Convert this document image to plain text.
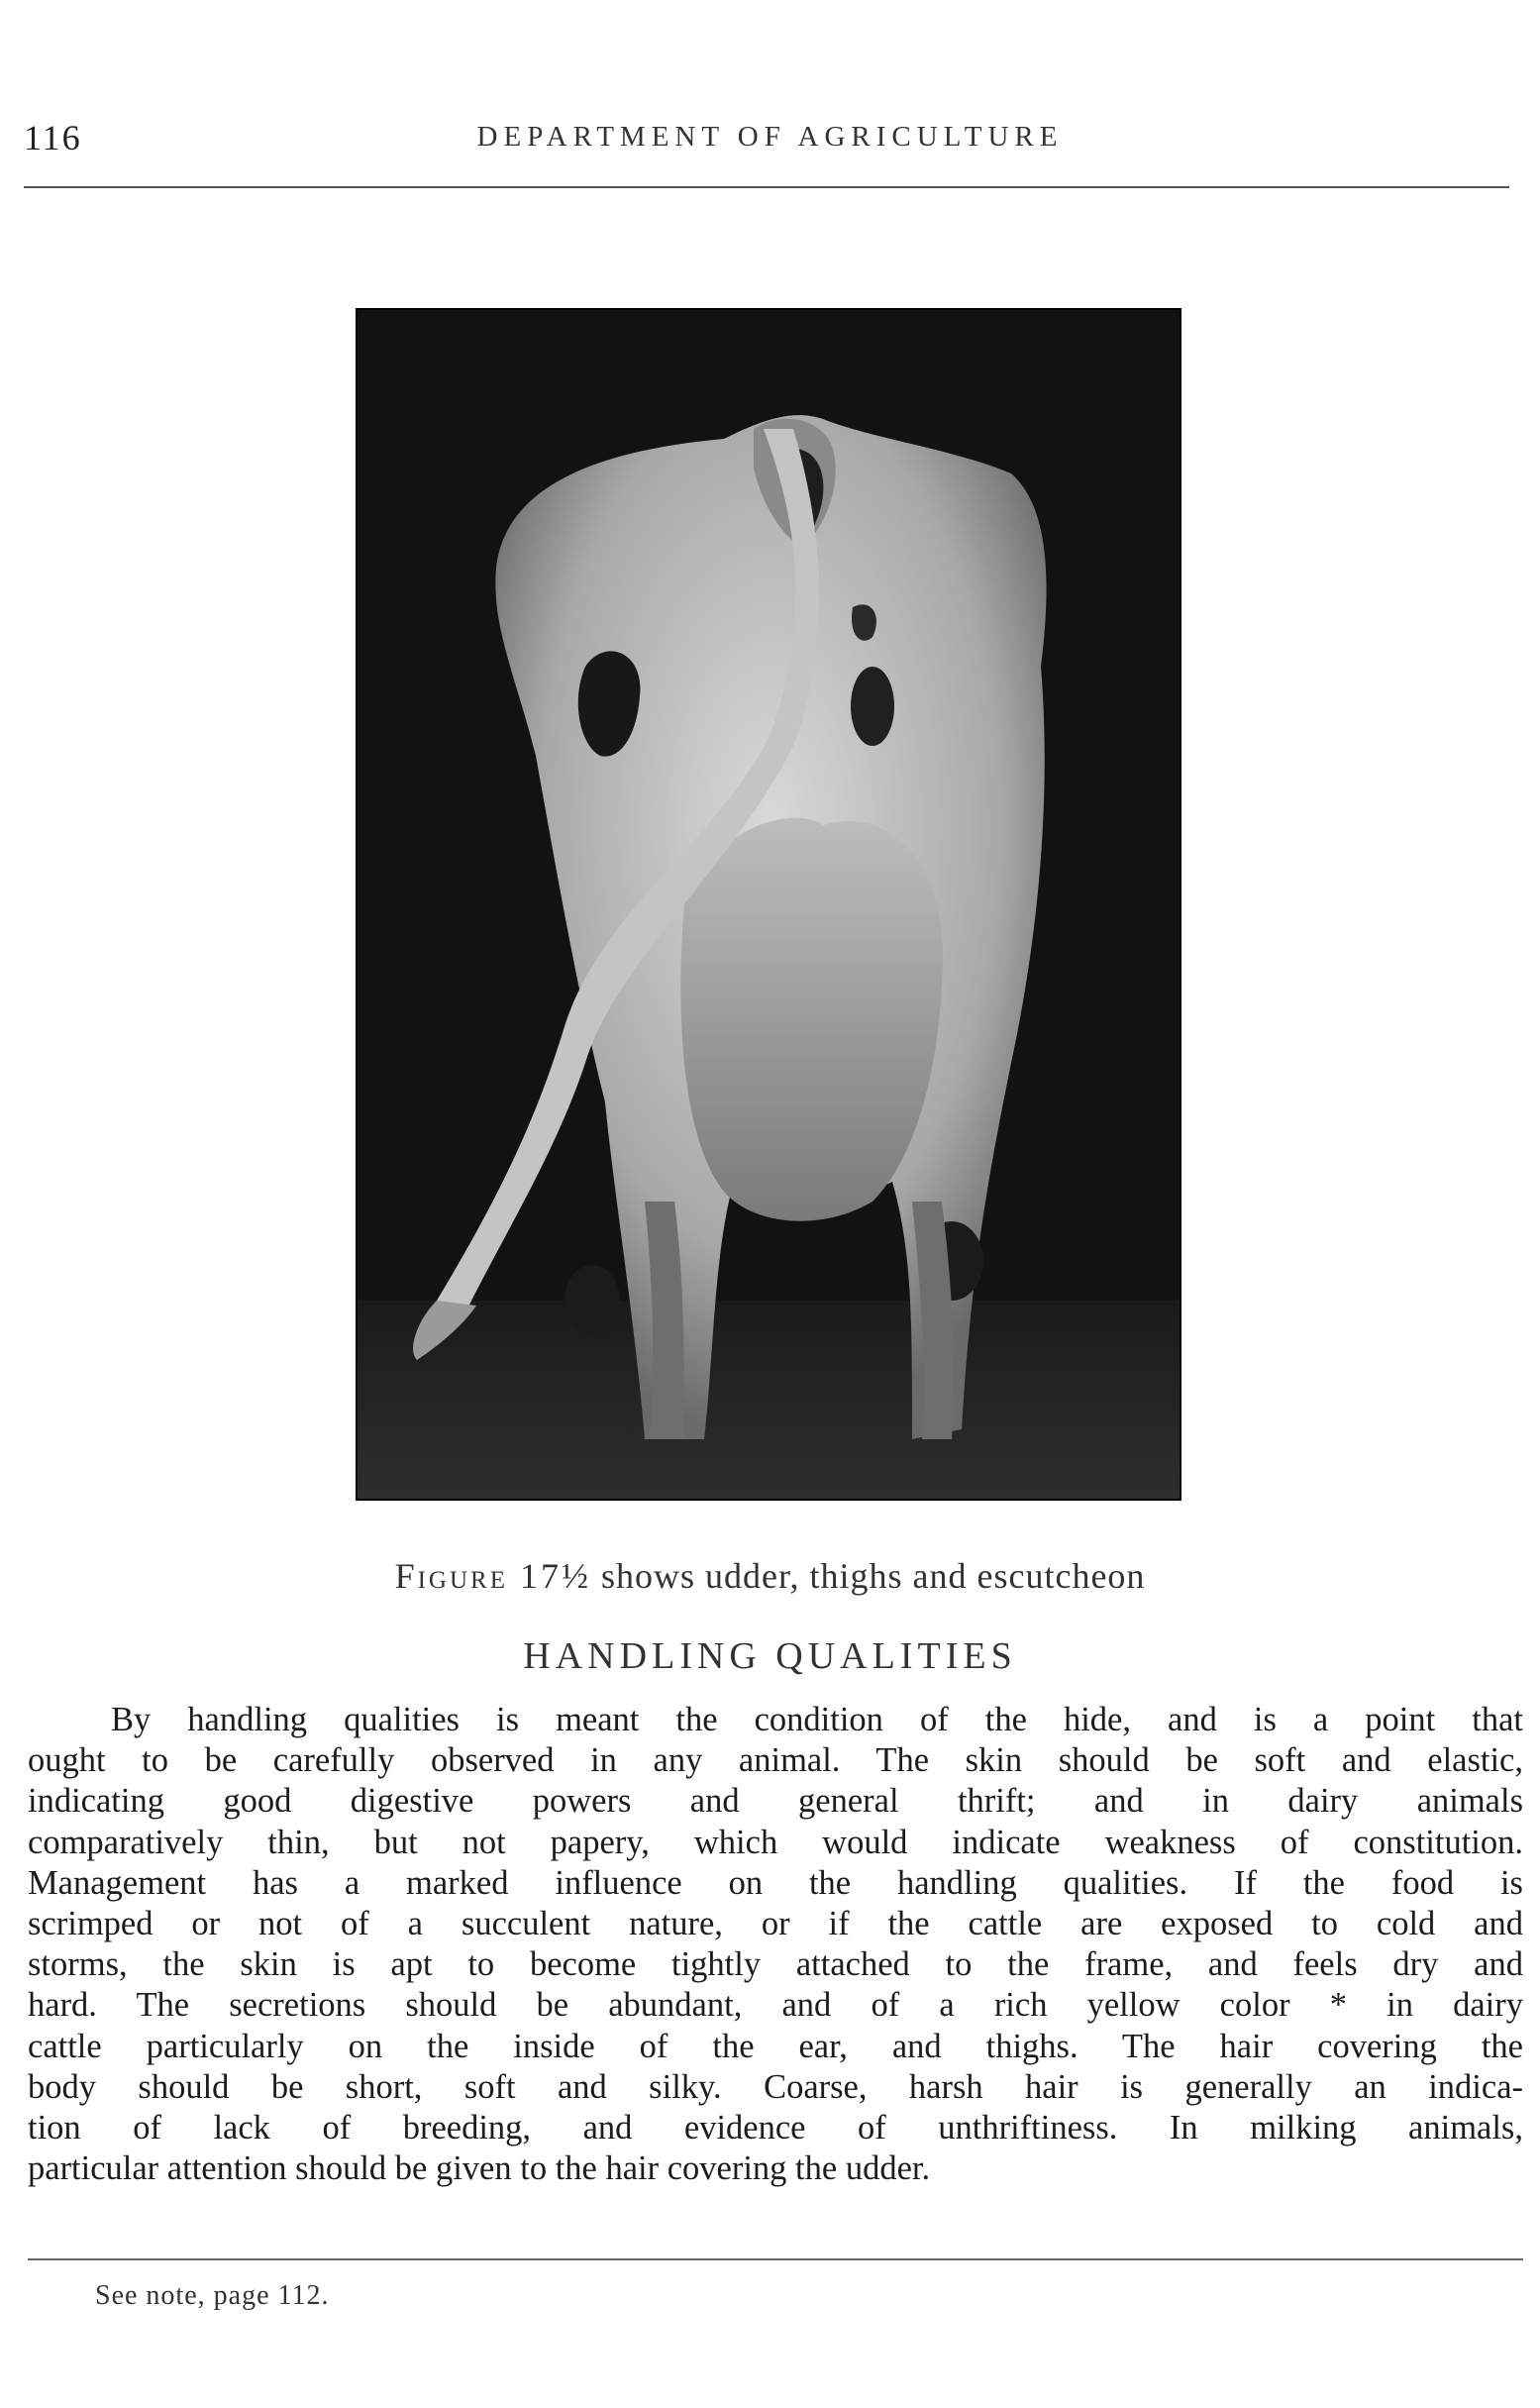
116	DEPARTMENT OF AGRICULTURE
Figure 17½ shows udder, thighs and escutcheon
HANDLING QUALITIES
By handling qualities is meant the condition of the hide, and is a point that
ought to be carefully observed in any animal. The skin should be soft and elastic,
indicating good digestive powers and general thrift; and in dairy animals
comparatively thin, but not papery, which would indicate weakness of constitution.
Management has a marked influence on the handling qualities. If the food is
scrimped or not of a succulent nature, or if the cattle are exposed to cold and
storms, the skin is apt to become tightly attached to the frame, and feels dry and
hard. The secretions should be abundant, and of a rich yellow color * in dairy
cattle particularly on the inside of the ear, and thighs. The hair covering the
body should be short, soft and silky. Coarse, harsh hair is generally an indica-
tion of lack of breeding, and evidence of unthriftiness. In milking animals,
particular attention should be given to the hair covering the udder.
See note, page 112.
